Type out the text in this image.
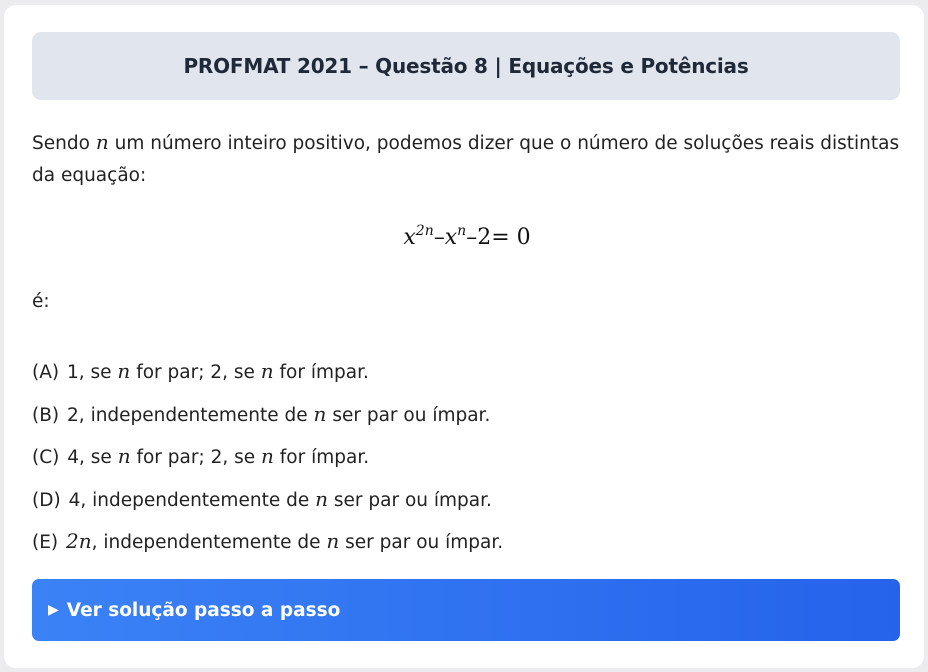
PROFMAT 2021 – Questão 8 | Equações e Potências

Sendo n um número inteiro positivo, podemos dizer que o número de soluções reais distintas da equação:

$x^{2n}-x^n-2= 0$

é:

(A) 1, se n for par; 2, se n for ímpar.
(B) 2, independentemente de n ser par ou ímpar.
(C) 4, se n for par; 2, se n for ímpar.
(D) 4, independentemente de n ser par ou ímpar.
(E) 2n, independentemente de n ser par ou ímpar.
▶ Ver solução passo a passo
